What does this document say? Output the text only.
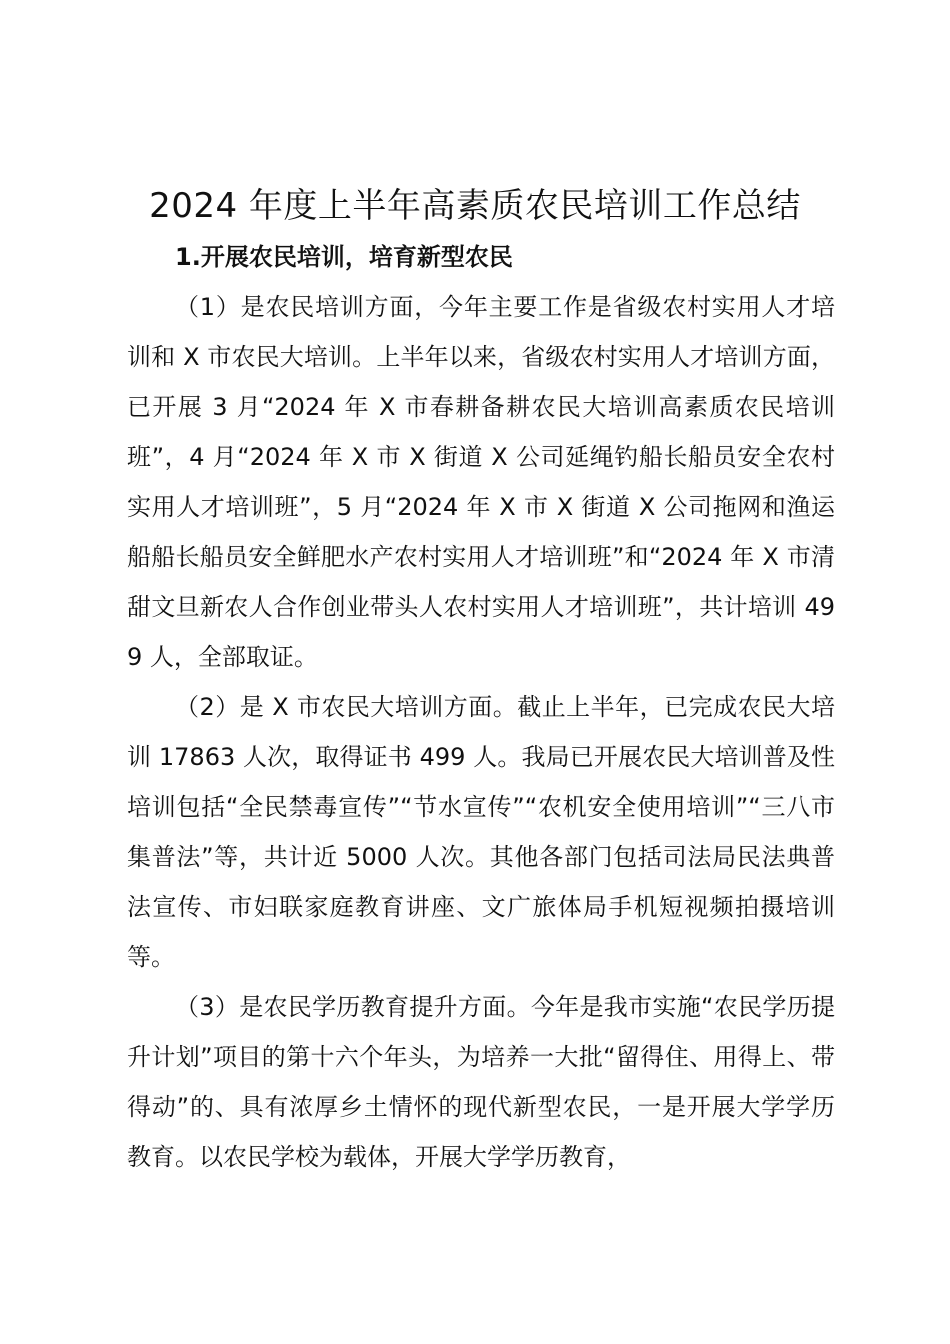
2024 年度上半年高素质农民培训工作总结

1.开展农民培训，培育新型农民

（1）是农民培训方面，今年主要工作是省级农村实用人才培训和 X 市农民大培训。上半年以来，省级农村实用人才培训方面，已开展 3 月“2024 年 X 市春耕备耕农民大培训高素质农民培训班”，4 月“2024 年 X 市 X 街道 X 公司延绳钓船长船员安全农村实用人才培训班”，5 月“2024 年 X 市 X 街道 X 公司拖网和渔运船船长船员安全鲜肥水产农村实用人才培训班”和“2024 年 X 市清甜文旦新农人合作创业带头人农村实用人才培训班”，共计培训 499 人，全部取证。

（2）是 X 市农民大培训方面。截止上半年，已完成农民大培训 17863 人次，取得证书 499 人。我局已开展农民大培训普及性培训包括“全民禁毒宣传”“节水宣传”“农机安全使用培训”“三八市集普法”等，共计近 5000 人次。其他各部门包括司法局民法典普法宣传、市妇联家庭教育讲座、文广旅体局手机短视频拍摄培训等。

（3）是农民学历教育提升方面。今年是我市实施“农民学历提升计划”项目的第十六个年头，为培养一大批“留得住、用得上、带得动”的、具有浓厚乡土情怀的现代新型农民，一是开展大学学历教育。以农民学校为载体，开展大学学历教育，
